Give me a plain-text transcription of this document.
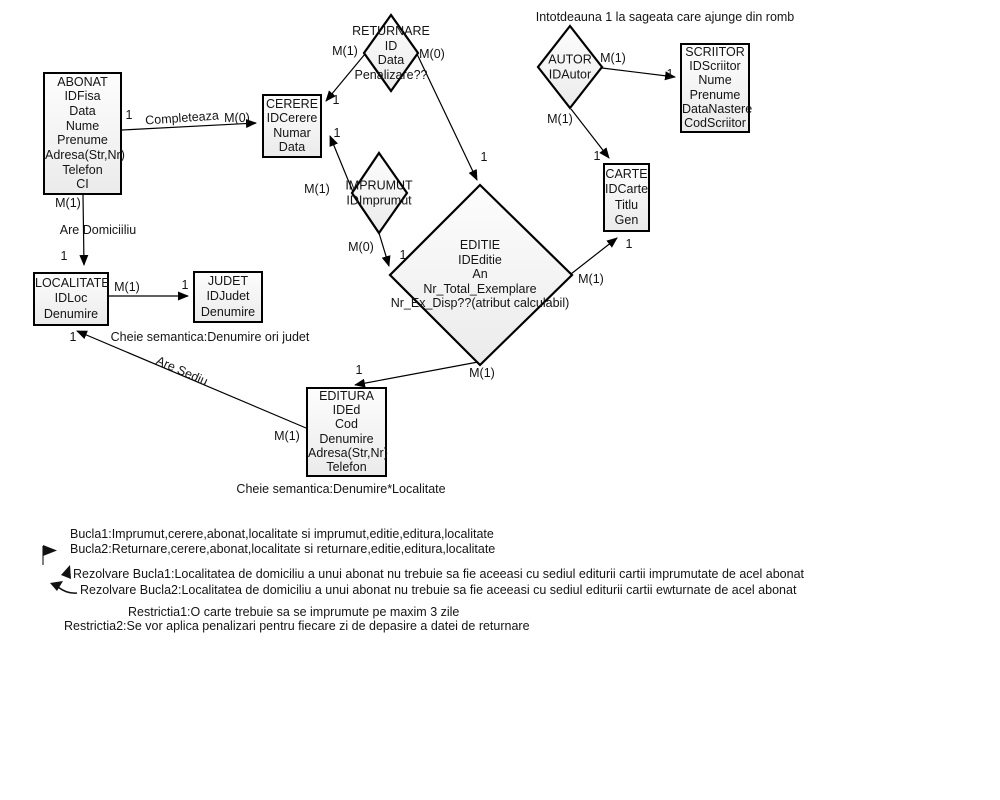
ABONAT
IDFisa
Data
Nume
Prenume
Adresa(Str,Nr)
Telefon
CI
CERERE
IDCerere
Numar
Data
SCRIITOR
IDScriitor
Nume
Prenume
DataNastere
CodScriitor
CARTE
IDCarte
Titlu
Gen
LOCALITATE
IDLoc
Denumire
JUDET
IDJudet
Denumire
EDITURA
IDEd
Cod
Denumire
Adresa(Str,Nr)
Telefon
RETURNARE
ID
Data
Penalizare??
IMPRUMUT
IDImprumut
AUTOR
IDAutor
EDITIE
IDEditie
An
Nr_Total_Exemplare
Nr_Ex_Disp??(atribut calculabil)
Completeaza
Are Domiciiliu
Are Sediu
Cheie semantica:Denumire ori judet
Cheie semantica:Denumire*Localitate
Intotdeauna 1 la sageata care ajunge din romb
Bucla1:Imprumut,cerere,abonat,localitate si imprumut,editie,editura,localitate
Bucla2:Returnare,cerere,abonat,localitate si returnare,editie,editura,localitate
Rezolvare Bucla1:Localitatea de domiciliu a unui abonat nu trebuie sa fie aceeasi cu sediul editurii cartii imprumutate de acel abonat
Rezolvare Bucla2:Localitatea de domiciliu a unui abonat nu trebuie sa fie aceeasi cu sediul editurii cartii ewturnate de acel abonat
Restrictia1:O carte trebuie sa se imprumute pe maxim 3 zile
Restrictia2:Se vor aplica penalizari pentru fiecare zi de depasire a datei de returnare
1	M(0)
M(1)
1
M(1)	1
1
M(1)
M(1)	M(0)
1
1
M(1)
M(0)
1
1
M(1)
M(1)
1
M(1)
M(1)
1
1
1
